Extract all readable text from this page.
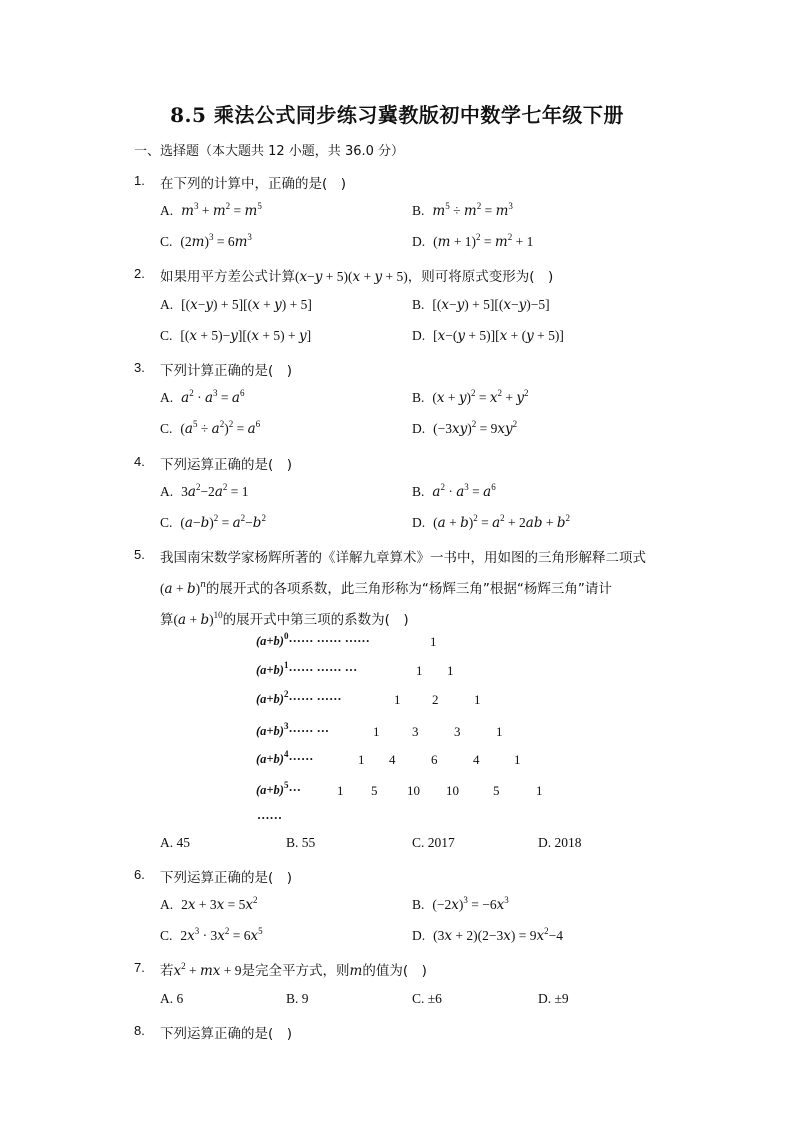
8.5 乘法公式同步练习冀教版初中数学七年级下册
一、选择题（本大题共 12 小题，共 36.0 分）
1. 在下列的计算中，正确的是(　)
A. $m^3 + m^2 = m^5$	B. $m^5 \div m^2 = m^3$
C. $(2m)^3 = 6m^3$	D. $(m + 1)^2 = m^2 + 1$
2. 如果用平方差公式计算(x−y + 5)(x + y + 5)，则可将原式变形为(　)
A. [(x−y) + 5][(x + y) + 5]	B. [(x−y) + 5][(x−y)−5]
C. [(x + 5)−y][(x + 5) + y]	D. [x−(y + 5)][x + (y + 5)]
3. 下列计算正确的是(　)
A. $a^2 \cdot a^3 = a^6$	B. $(x + y)^2 = x^2 + y^2$
C. $(a^5 \div a^2)^2 = a^6$	D. $(-3xy)^2 = 9xy^2$
4. 下列运算正确的是(　)
A. $3a^2-2a^2 = 1$	B. $a^2 \cdot a^3 = a^6$
C. $(a-b)^2 = a^2-b^2$	D. $(a + b)^2 = a^2 + 2ab + b^2$
5. 我国南宋数学家杨辉所著的《详解九章算术》一书中，用如图的三角形解释二项式
$(a + b)^n$的展开式的各项系数，此三角形称为“杨辉三角”根据“杨辉三角”请计
算$(a + b)^{10}$的展开式中第三项的系数为(　)
$(a+b)^0\cdot\cdot\cdot\cdot\cdot\cdot$ ······ ······	1
$(a+b)^1\cdot\cdot\cdot\cdot\cdot\cdot$ ······ ···	1 1
$(a+b)^2\cdot\cdot\cdot\cdot\cdot\cdot$ ······	1 2	1
$(a+b)^3\cdot\cdot\cdot\cdot\cdot\cdot$ ···	1	3	3	1
$(a+b)^4\cdot\cdot\cdot\cdot\cdot\cdot$	1 4	6	4	1
$(a+b)^5\cdot\cdot\cdot$	1 5 10 10	5	1
……
A. 45	B. 55	C. 2017	D. 2018
6. 下列运算正确的是(　)
A. $2x + 3x = 5x^2$	B. $(-2x)^3 = -6x^3$
C. $2x^3 \cdot 3x^2 = 6x^5$	D. $(3x + 2)(2-3x) = 9x^2-4$
7. 若$x^2$ + mx + 9是完全平方式，则m的值为(　)
A. 6	B. 9	C. ±6	D. ±9
8. 下列运算正确的是(　)
